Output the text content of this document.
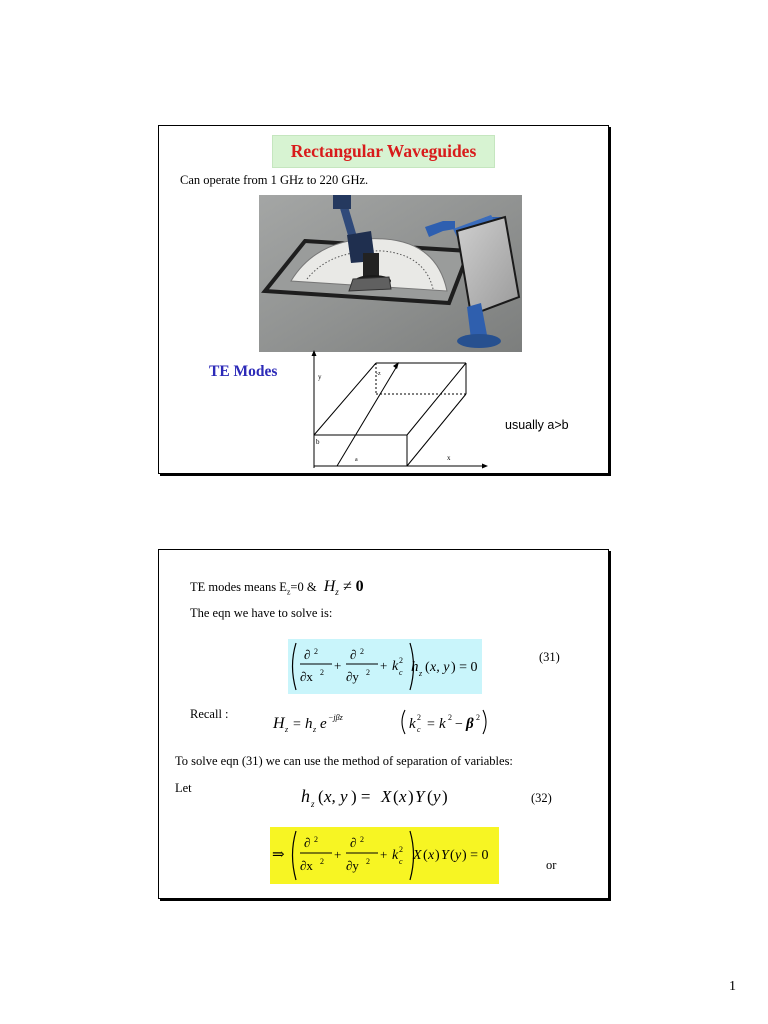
Rectangular Waveguides
Can operate from 1 GHz to 220 GHz.
TE Modes	y	-z
b
a	x
usually a>b
TE modes means $E_z=0$ &  $H_z \ne 0$
The eqn we have to solve is:
∂ 2
∂x 2 +
∂ 2
∂y 2 + k c
2 h z ( x, y ) = 0
(31)
Recall :
H z = h z e −jβz	k c
2 = k 2 − β 2
To solve eqn (31) we can use the method of separation of variables:
Let	h z ( x, y ) = X ( x ) Y ( y )	(32)
⇒
∂ 2
∂x 2 +
∂ 2
∂y 2 + k c
2 X ( x ) Y ( y ) = 0
or
1
